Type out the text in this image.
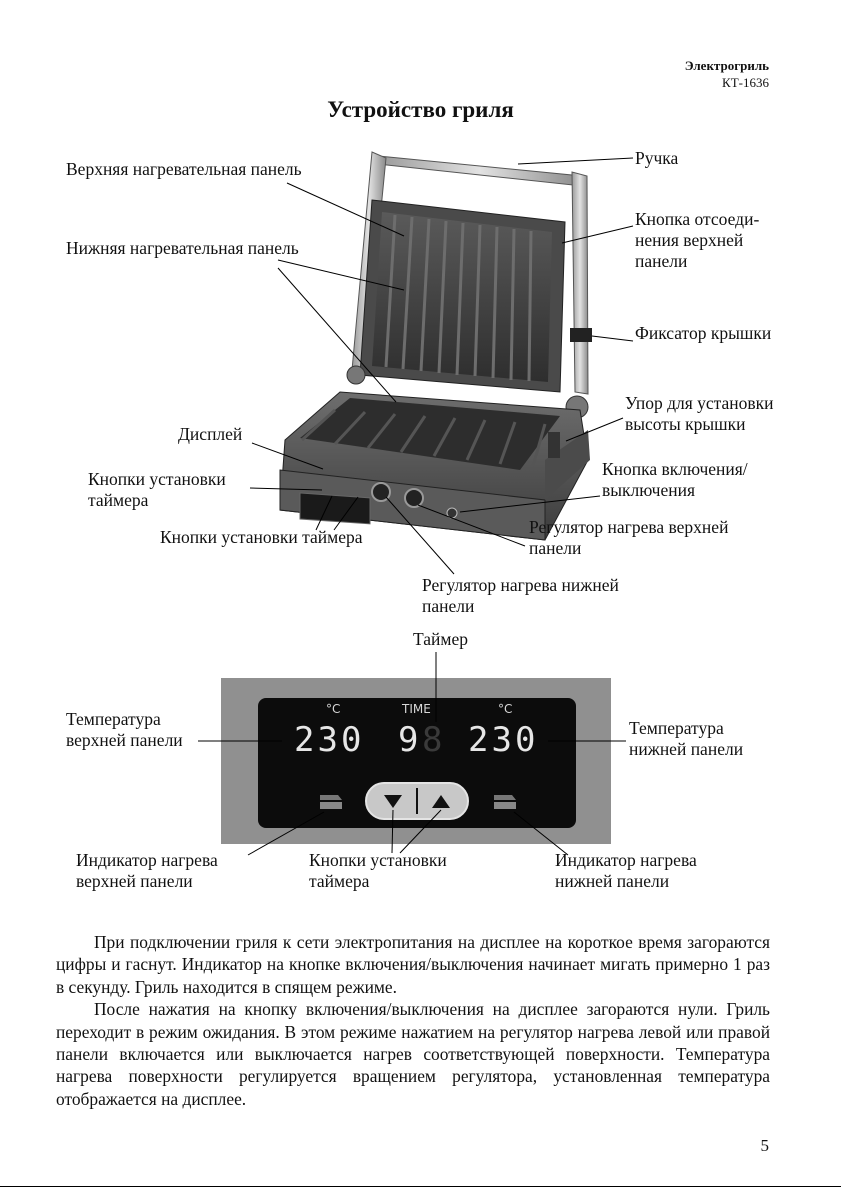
Электрогриль
КТ-1636
Устройство гриля
Верхняя нагревательная панель
Нижняя нагревательная панель
Ручка
Кнопка отсоеди-
нения верхней
панели
Фиксатор крышки
Упор для установки
высоты крышки
Дисплей
Кнопки установки
таймера
Кнопки установки таймера
Кнопка включения/
выключения
Регулятор нагрева верхней
панели
Регулятор нагрева нижней
панели
°C	TIME	°C
230 9 8 230
Таймер
Температура
верхней панели
Температура
нижней панели
Индикатор нагрева
верхней панели
Кнопки установки
таймера
Индикатор нагрева
нижней панели

При подключении гриля к сети электропитания на дисплее на короткое время загораются цифры и гаснут. Индикатор на кнопке включения/выключения начинает мигать примерно 1 раз в секунду. Гриль находится в спящем режиме.

После нажатия на кнопку включения/выключения на дисплее загораются нули. Гриль переходит в режим ожидания. В этом режиме нажатием на регулятор нагрева левой или правой панели включается или выключается нагрев соответствующей поверхности. Температура нагрева поверхности регулируется вращением регулятора, установленная температура отображается на дисплее.

5
